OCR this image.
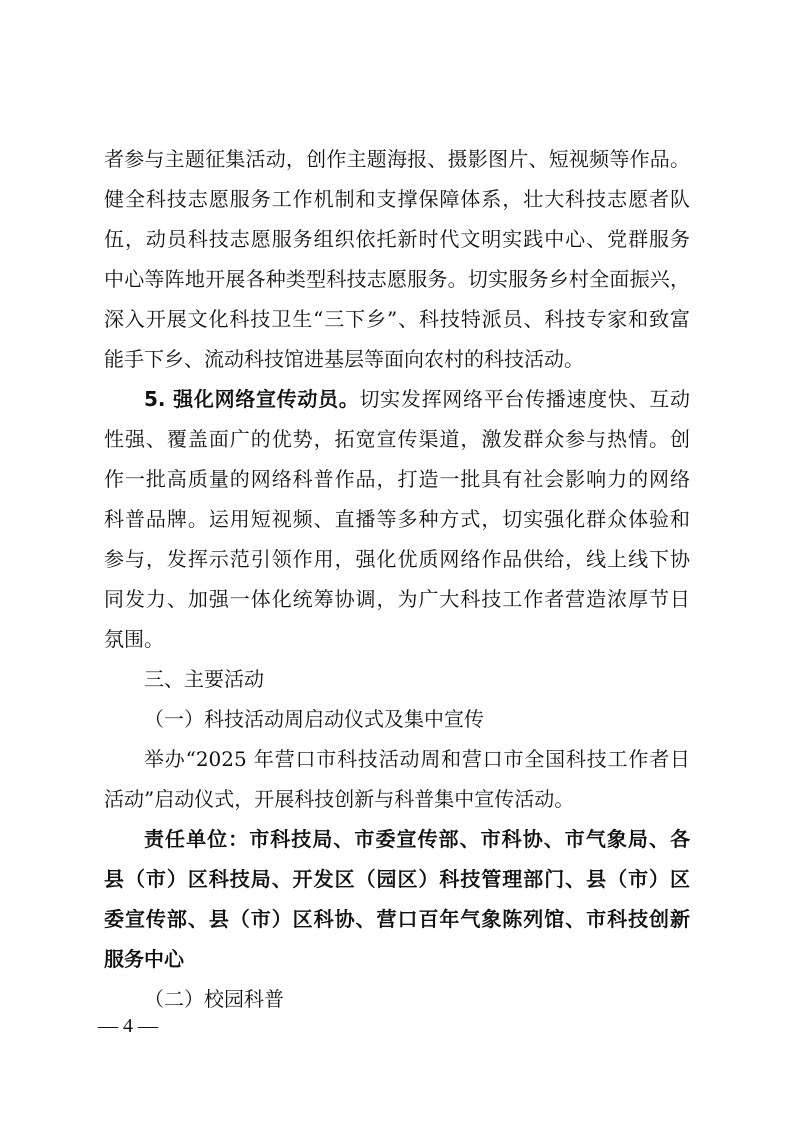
者参与主题征集活动，创作主题海报、摄影图片、短视频等作品。
健全科技志愿服务工作机制和支撑保障体系，壮大科技志愿者队
伍，动员科技志愿服务组织依托新时代文明实践中心、党群服务
中心等阵地开展各种类型科技志愿服务。切实服务乡村全面振兴，
深入开展文化科技卫生“三下乡”、科技特派员、科技专家和致富
能手下乡、流动科技馆进基层等面向农村的科技活动。
5. 强化网络宣传动员。切实发挥网络平台传播速度快、互动
性强、覆盖面广的优势，拓宽宣传渠道，激发群众参与热情。创
作一批高质量的网络科普作品，打造一批具有社会影响力的网络
科普品牌。运用短视频、直播等多种方式，切实强化群众体验和
参与，发挥示范引领作用，强化优质网络作品供给，线上线下协
同发力、加强一体化统筹协调，为广大科技工作者营造浓厚节日
氛围。
三、主要活动
（一）科技活动周启动仪式及集中宣传
举办“2025 年营口市科技活动周和营口市全国科技工作者日
活动”启动仪式，开展科技创新与科普集中宣传活动。
责任单位：市科技局、市委宣传部、市科协、市气象局、各
县（市）区科技局、开发区（园区）科技管理部门、县（市）区
委宣传部、县（市）区科协、营口百年气象陈列馆、市科技创新
服务中心
（二）校园科普
— 4 —
